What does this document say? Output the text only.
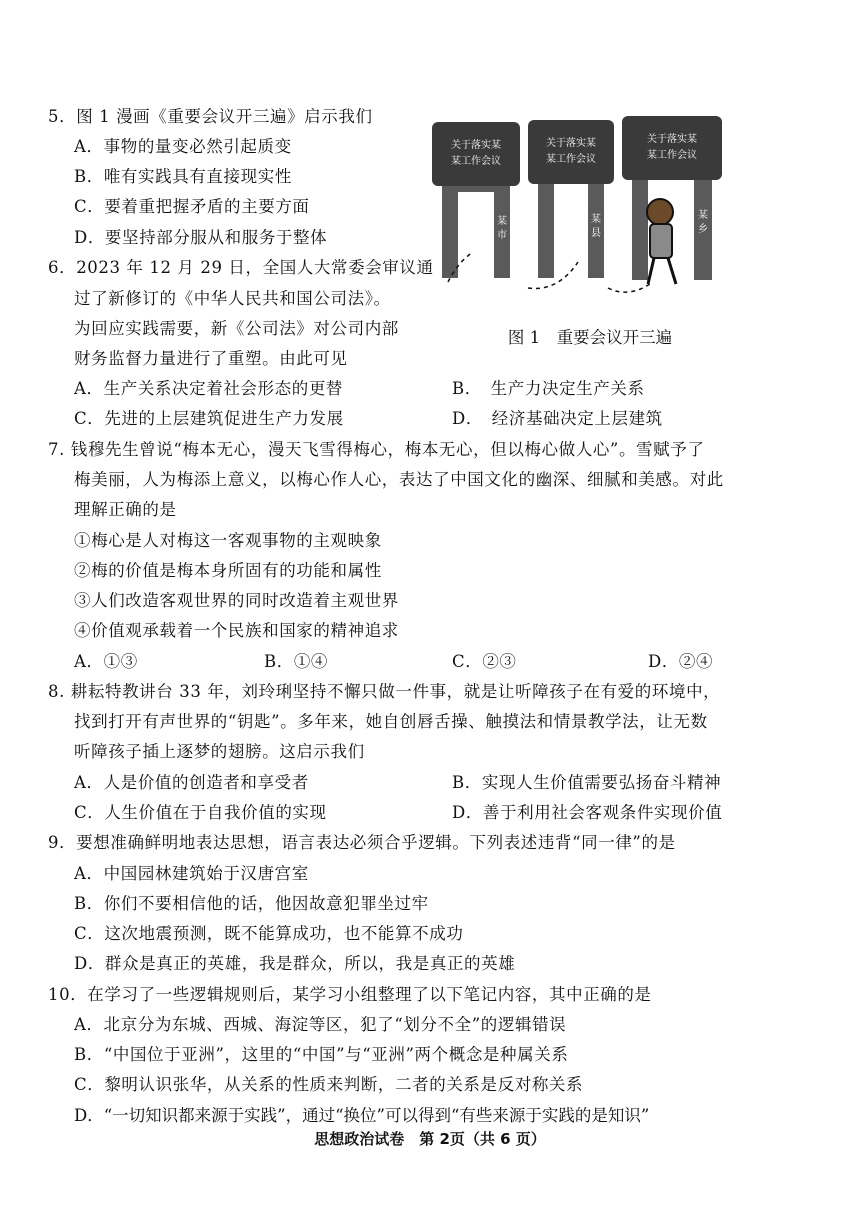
关于落实某
某工作会议
某
市
关于落实某
某工作会议
某
县
关于落实某
某工作会议
某
乡
图 1　重要会议开三遍
5．图 1 漫画《重要会议开三遍》启示我们
A．事物的量变必然引起质变
B．唯有实践具有直接现实性
C．要着重把握矛盾的主要方面
D．要坚持部分服从和服务于整体
6．2023 年 12 月 29 日，全国人大常委会审议通
过了新修订的《中华人民共和国公司法》。
为回应实践需要，新《公司法》对公司内部
财务监督力量进行了重塑。由此可见
A．生产关系决定着社会形态的更替	B．　生产力决定生产关系
C．先进的上层建筑促进生产力发展	D．　经济基础决定上层建筑
7. 钱穆先生曾说“梅本无心，漫天飞雪得梅心，梅本无心，但以梅心做人心”。雪赋予了
梅美丽，人为梅添上意义，以梅心作人心，表达了中国文化的幽深、细腻和美感。对此
理解正确的是
①梅心是人对梅这一客观事物的主观映象
②梅的价值是梅本身所固有的功能和属性
③人们改造客观世界的同时改造着主观世界
④价值观承载着一个民族和国家的精神追求
A．①③	B．①④	C．②③	D．②④
8. 耕耘特教讲台 33 年，刘玲琍坚持不懈只做一件事，就是让听障孩子在有爱的环境中，
找到打开有声世界的“钥匙”。多年来，她自创唇舌操、触摸法和情景教学法，让无数
听障孩子插上逐梦的翅膀。这启示我们
A．人是价值的创造者和享受者	B．实现人生价值需要弘扬奋斗精神
C．人生价值在于自我价值的实现	D．善于利用社会客观条件实现价值
9．要想准确鲜明地表达思想，语言表达必须合乎逻辑。下列表述违背“同一律”的是
A．中国园林建筑始于汉唐宫室
B．你们不要相信他的话，他因故意犯罪坐过牢
C．这次地震预测，既不能算成功，也不能算不成功
D．群众是真正的英雄，我是群众，所以，我是真正的英雄
10．在学习了一些逻辑规则后，某学习小组整理了以下笔记内容，其中正确的是
A．北京分为东城、西城、海淀等区，犯了“划分不全”的逻辑错误
B．“中国位于亚洲”，这里的“中国”与“亚洲”两个概念是种属关系
C．黎明认识张华，从关系的性质来判断，二者的关系是反对称关系
D．“一切知识都来源于实践”，通过“换位”可以得到“有些来源于实践的是知识”
思想政治试卷　第 2页（共 6 页）
